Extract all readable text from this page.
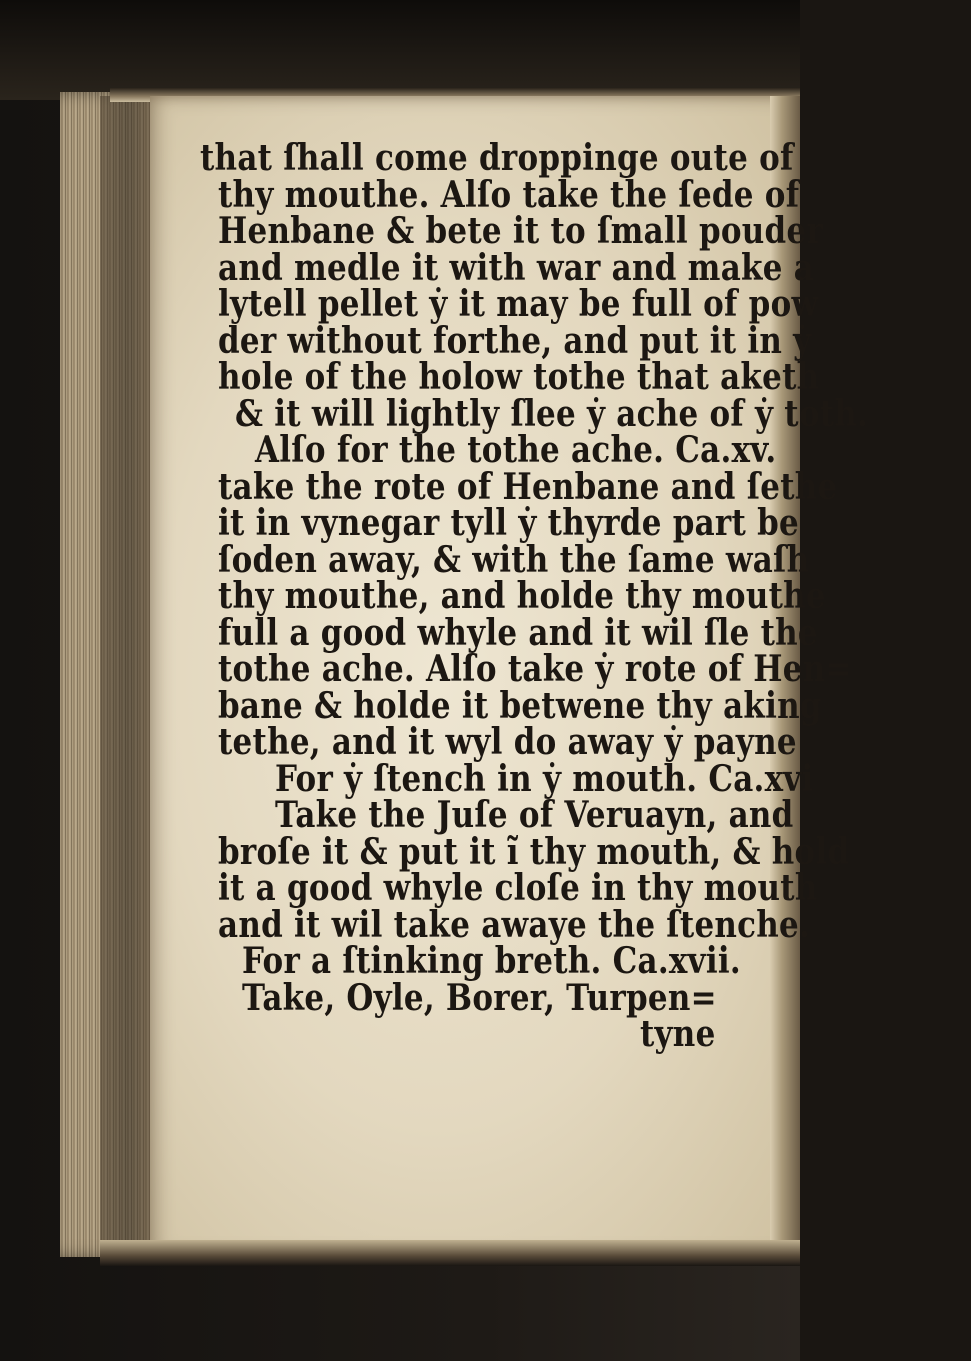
that ſhall come droppinge oute of
thy mouthe. Alſo take the ſede of
Henbane & bete it to ſmall pouder
and medle it with war and make a
lytell pellet ẏ it may be full of pow
der without forthe, and put it in ẏ
hole of the holow tothe that aketh
& it will lightly ſlee ẏ ache of ẏ toth.
Alſo for the tothe ache. Ca.xv.
take the rote of Henbane and ſethe
it in vynegar tyll ẏ thyrde part be
ſoden away, & with the ſame waſh
thy mouthe, and holde thy mouthe
full a good whyle and it wil ſle the
tothe ache. Alſo take ẏ rote of Hen=
bane & holde it betwene thy aking
tethe, and it wyl do away ẏ payne
For ẏ ſtench in ẏ mouth. Ca.xvi
Take the Juſe of Veruayn, and
broſe it & put it ĩ thy mouth, & hold
it a good whyle cloſe in thy mouth
and it wil take awaye the ſtenche.
For a ſtinking breth. Ca.xvii.
Take, Oyle, Borer, Turpen=
tyne
